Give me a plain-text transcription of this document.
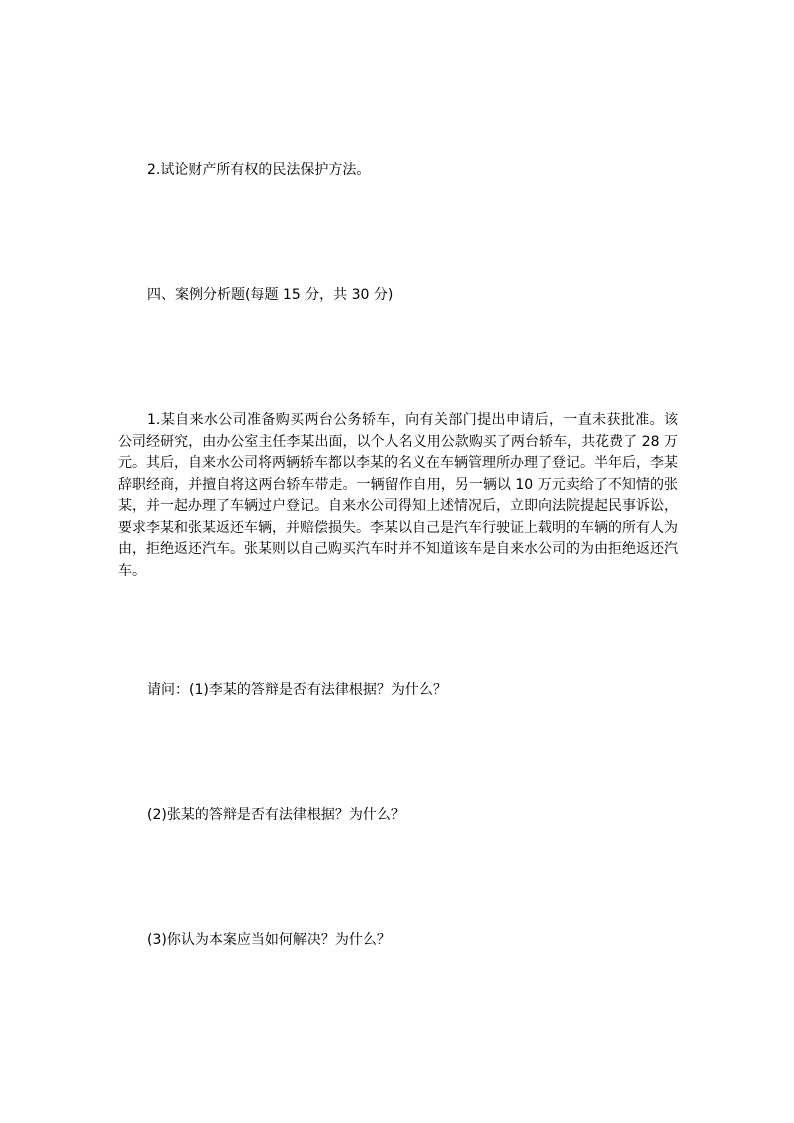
2.试论财产所有权的民法保护方法。
四、案例分析题(每题 15 分，共 30 分)
1.某自来水公司准备购买两台公务轿车，向有关部门提出申请后，一直未获批准。该公司经研究，由办公室主任李某出面，以个人名义用公款购买了两台轿车，共花费了 28 万元。其后，自来水公司将两辆轿车都以李某的名义在车辆管理所办理了登记。半年后，李某辞职经商，并擅自将这两台轿车带走。一辆留作自用，另一辆以 10 万元卖给了不知情的张某，并一起办理了车辆过户登记。自来水公司得知上述情况后，立即向法院提起民事诉讼，要求李某和张某返还车辆，并赔偿损失。李某以自己是汽车行驶证上载明的车辆的所有人为由，拒绝返还汽车。张某则以自己购买汽车时并不知道该车是自来水公司的为由拒绝返还汽车。
请问：(1)李某的答辩是否有法律根据？为什么？
(2)张某的答辩是否有法律根据？为什么？
(3)你认为本案应当如何解决？为什么？
